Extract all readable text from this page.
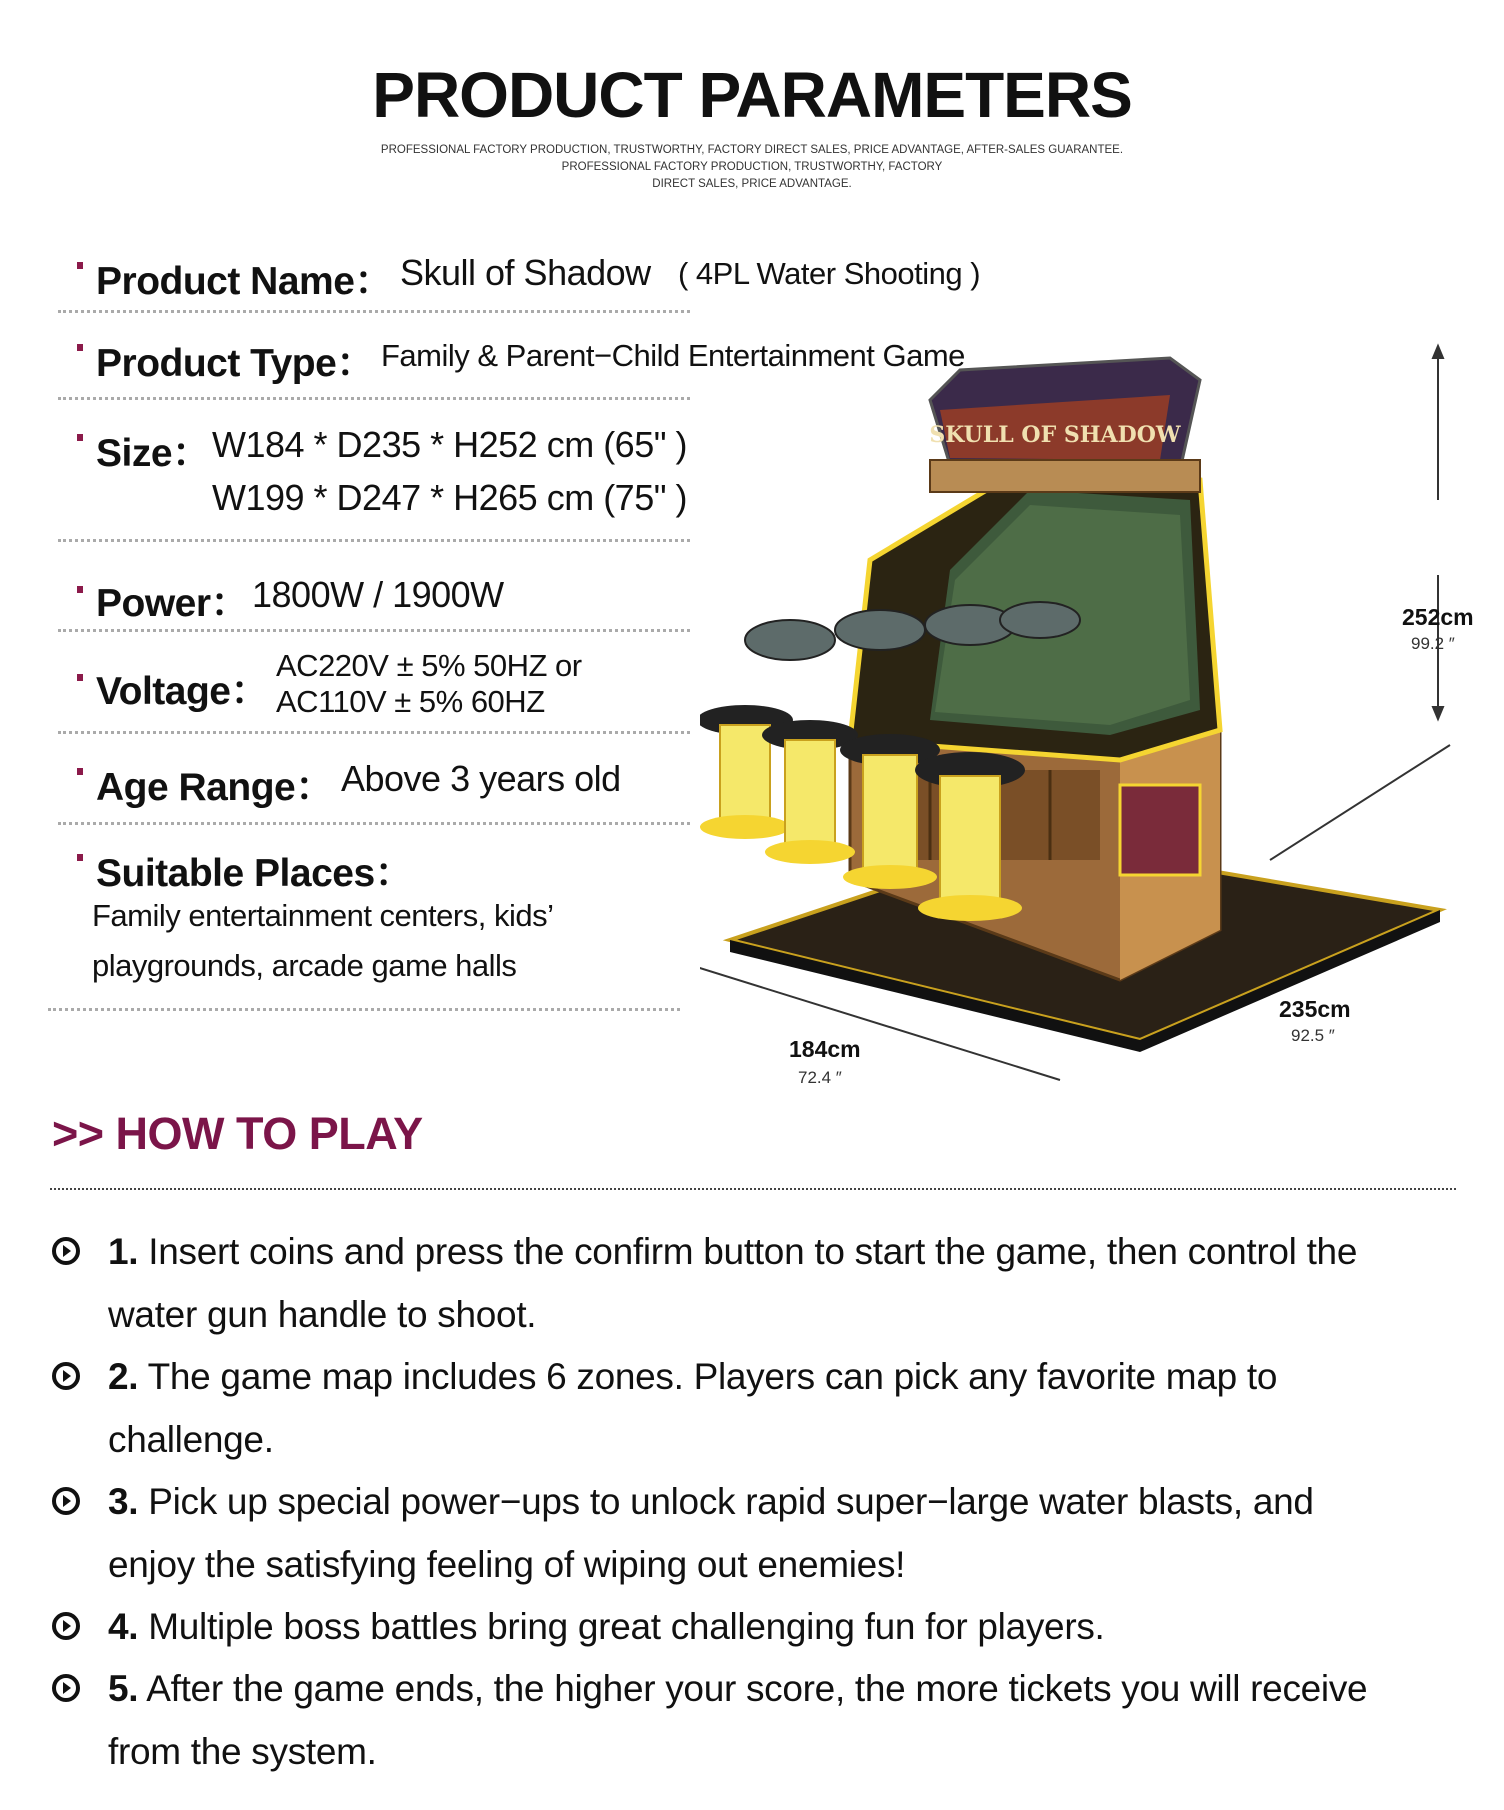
PRODUCT PARAMETERS
PROFESSIONAL FACTORY PRODUCTION, TRUSTWORTHY, FACTORY DIRECT SALES, PRICE ADVANTAGE, AFTER-SALES GUARANTEE.
PROFESSIONAL FACTORY PRODUCTION, TRUSTWORTHY, FACTORY
DIRECT SALES, PRICE ADVANTAGE.
Product Name： Skull of Shadow ( 4PL Water Shooting )
Product Type： Family & Parent−Child Entertainment Game
Size： W184 * D235 * H252 cm (65" )
W199 * D247 * H265 cm (75" )
Power： 1800W / 1900W
Voltage：
AC220V ± 5% 50HZ or
AC110V ± 5% 60HZ
Age Range： Above 3 years old
Suitable Places：
Family entertainment centers, kids’
playgrounds, arcade game halls
SKULL OF SHADOW
252cm
99.2 ″
235cm
92.5 ″
184cm
72.4 ″
>> HOW TO PLAY
1. Insert coins and press the confirm button to start the game, then control the
water gun handle to shoot.
2. The game map includes 6 zones. Players can pick any favorite map to
challenge.
3. Pick up special power−ups to unlock rapid super−large water blasts, and
enjoy the satisfying feeling of wiping out enemies!
4. Multiple boss battles bring great challenging fun for players.
5. After the game ends, the higher your score, the more tickets you will receive
from the system.
